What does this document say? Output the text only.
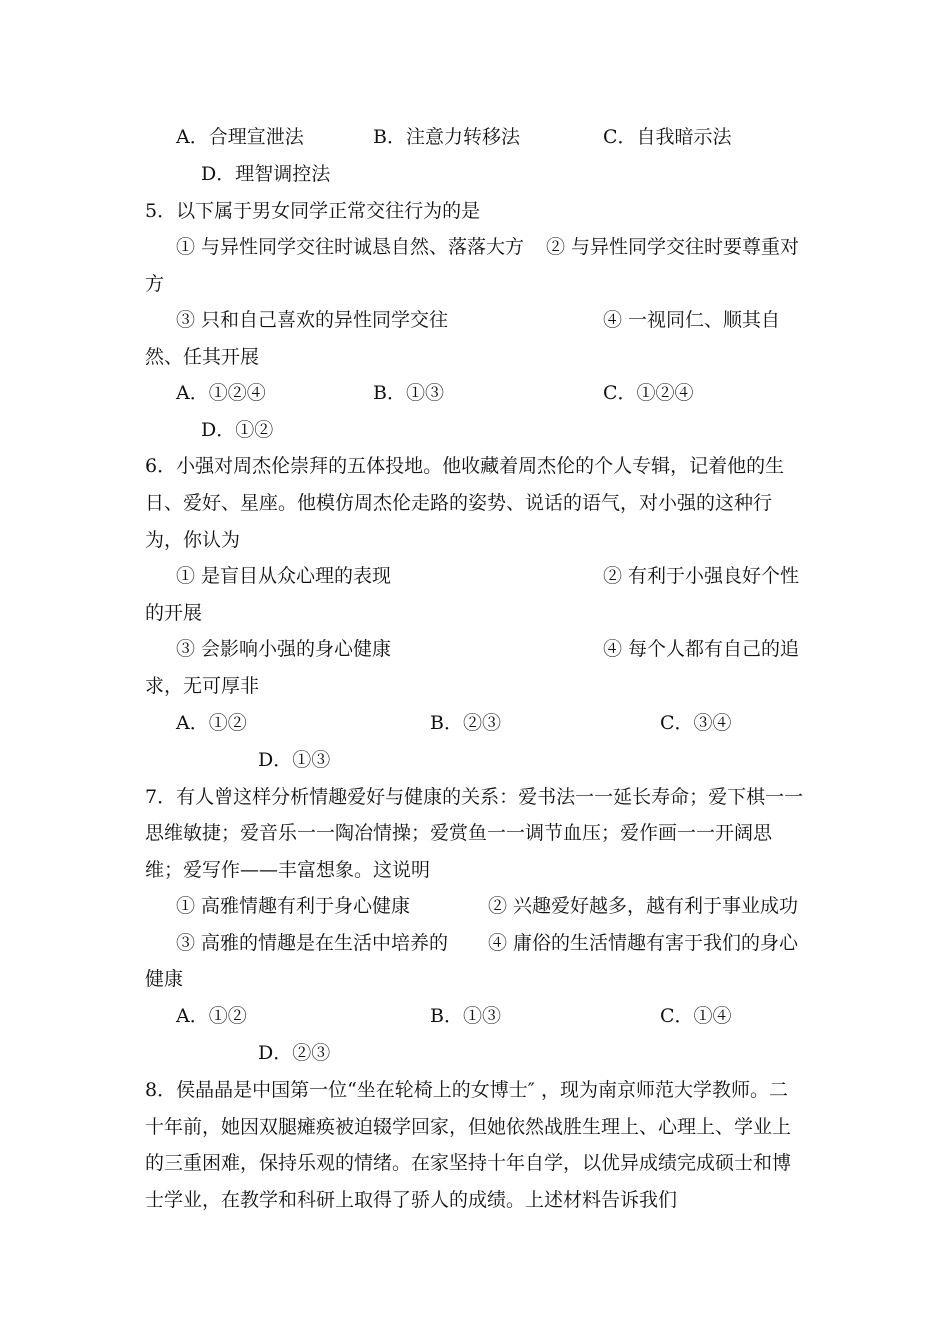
A．合理宣泄法	B．注意力转移法	C．自我暗示法
D．理智调控法
5．以下属于男女同学正常交往行为的是
① 与异性同学交往时诚恳自然、落落大方 ② 与异性同学交往时要尊重对
方
③ 只和自己喜欢的异性同学交往	④ 一视同仁、顺其自
然、任其开展
A．①②④	B．①③	C．①②④
D．①②
6．小强对周杰伦崇拜的五体投地。他收藏着周杰伦的个人专辑，记着他的生
日、爱好、星座。他模仿周杰伦走路的姿势、说话的语气，对小强的这种行
为，你认为
① 是盲目从众心理的表现	② 有利于小强良好个性
的开展
③ 会影响小强的身心健康	④ 每个人都有自己的追
求，无可厚非
A．①②	B．②③	C．③④
D．①③
7．有人曾这样分析情趣爱好与健康的关系：爱书法一一延长寿命；爱下棋一一
思维敏捷；爱音乐一一陶冶情操；爱赏鱼一一调节血压；爱作画一一开阔思
维；爱写作——丰富想象。这说明
① 高雅情趣有利于身心健康	② 兴趣爱好越多，越有利于事业成功
③ 高雅的情趣是在生活中培养的 ④ 庸俗的生活情趣有害于我们的身心
健康
A．①②	B．①③	C．①④
D．②③
8．侯晶晶是中国第一位“坐在轮椅上的女博士″ ，现为南京师范大学教师。二
十年前，她因双腿瘫痪被迫辍学回家，但她依然战胜生理上、心理上、学业上
的三重困难，保持乐观的情绪。在家坚持十年自学，以优异成绩完成硕士和博
士学业，在教学和科研上取得了骄人的成绩。上述材料告诉我们
